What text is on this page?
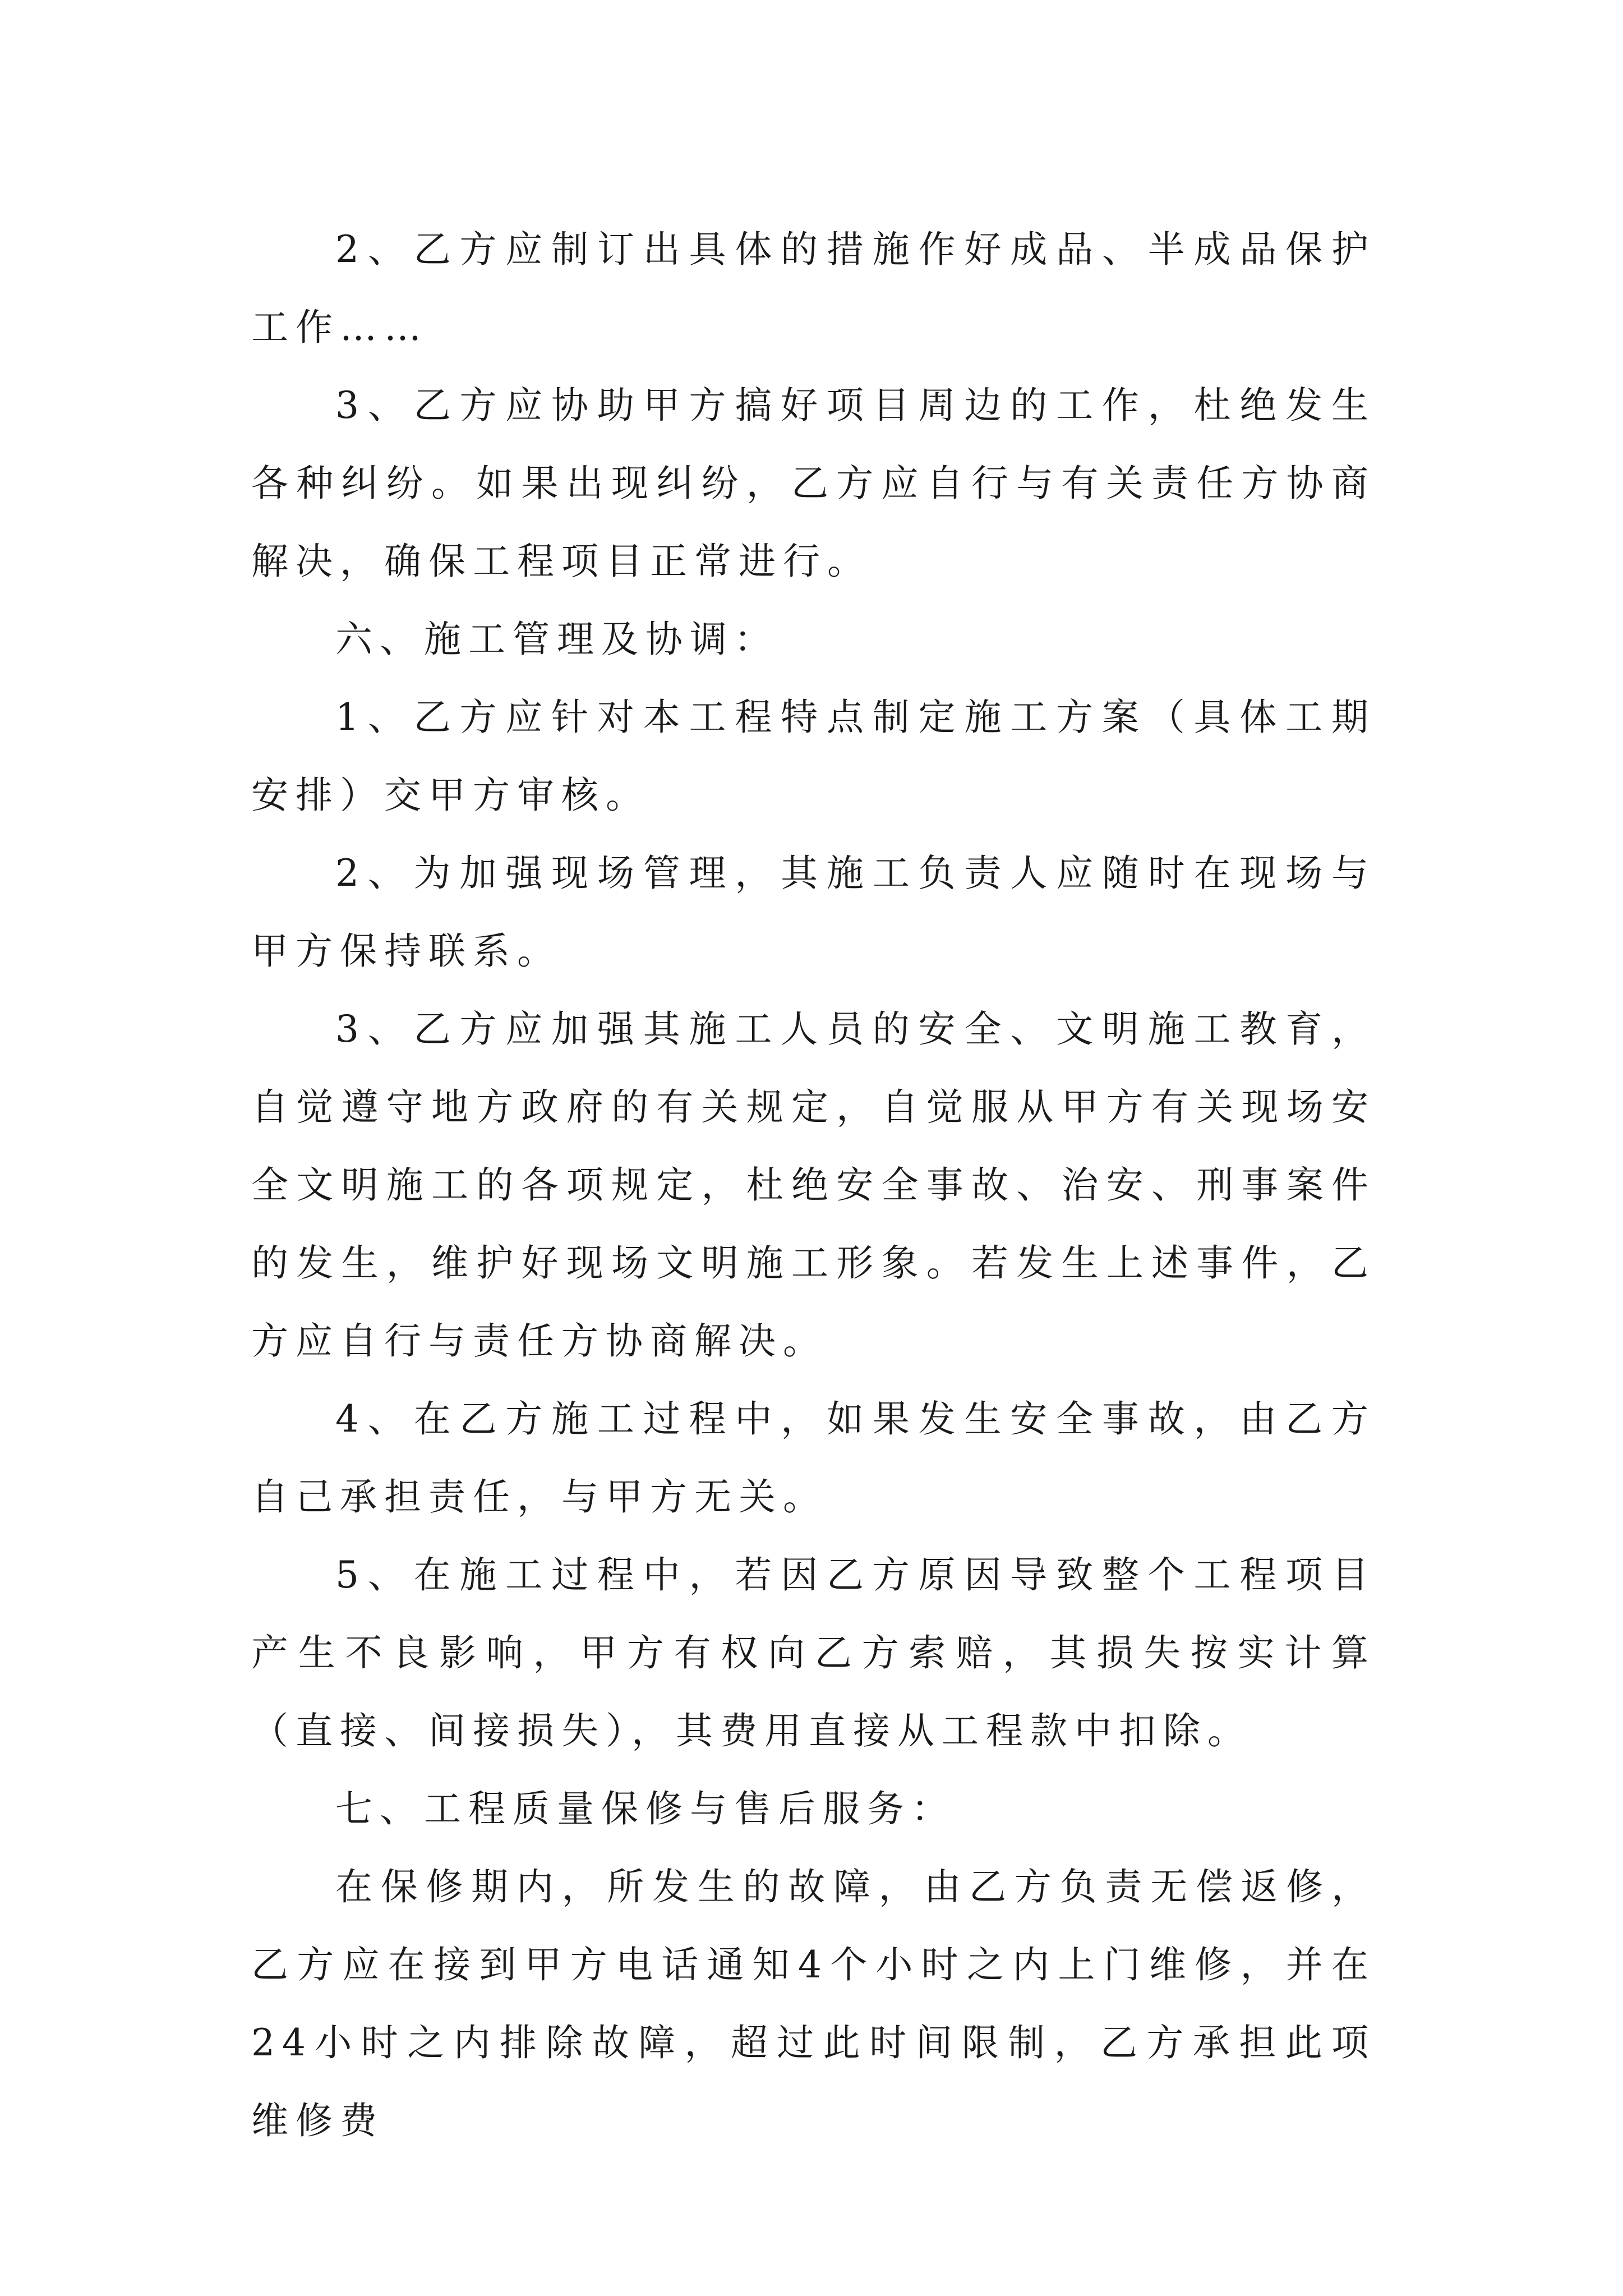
2、乙方应制订出具体的措施作好成品、半成品保护工作……

3、乙方应协助甲方搞好项目周边的工作，杜绝发生各种纠纷。如果出现纠纷，乙方应自行与有关责任方协商解决，确保工程项目正常进行。

六、施工管理及协调：

1、乙方应针对本工程特点制定施工方案（具体工期安排）交甲方审核。

2、为加强现场管理，其施工负责人应随时在现场与甲方保持联系。

3、乙方应加强其施工人员的安全、文明施工教育，自觉遵守地方政府的有关规定，自觉服从甲方有关现场安全文明施工的各项规定，杜绝安全事故、治安、刑事案件的发生，维护好现场文明施工形象。若发生上述事件，乙方应自行与责任方协商解决。

4、在乙方施工过程中，如果发生安全事故，由乙方自己承担责任，与甲方无关。

5、在施工过程中，若因乙方原因导致整个工程项目产生不良影响，甲方有权向乙方索赔，其损失按实计算（直接、间接损失），其费用直接从工程款中扣除。

七、工程质量保修与售后服务：

在保修期内，所发生的故障，由乙方负责无偿返修，乙方应在接到甲方电话通知4个小时之内上门维修，并在24小时之内排除故障，超过此时间限制，乙方承担此项维修费
